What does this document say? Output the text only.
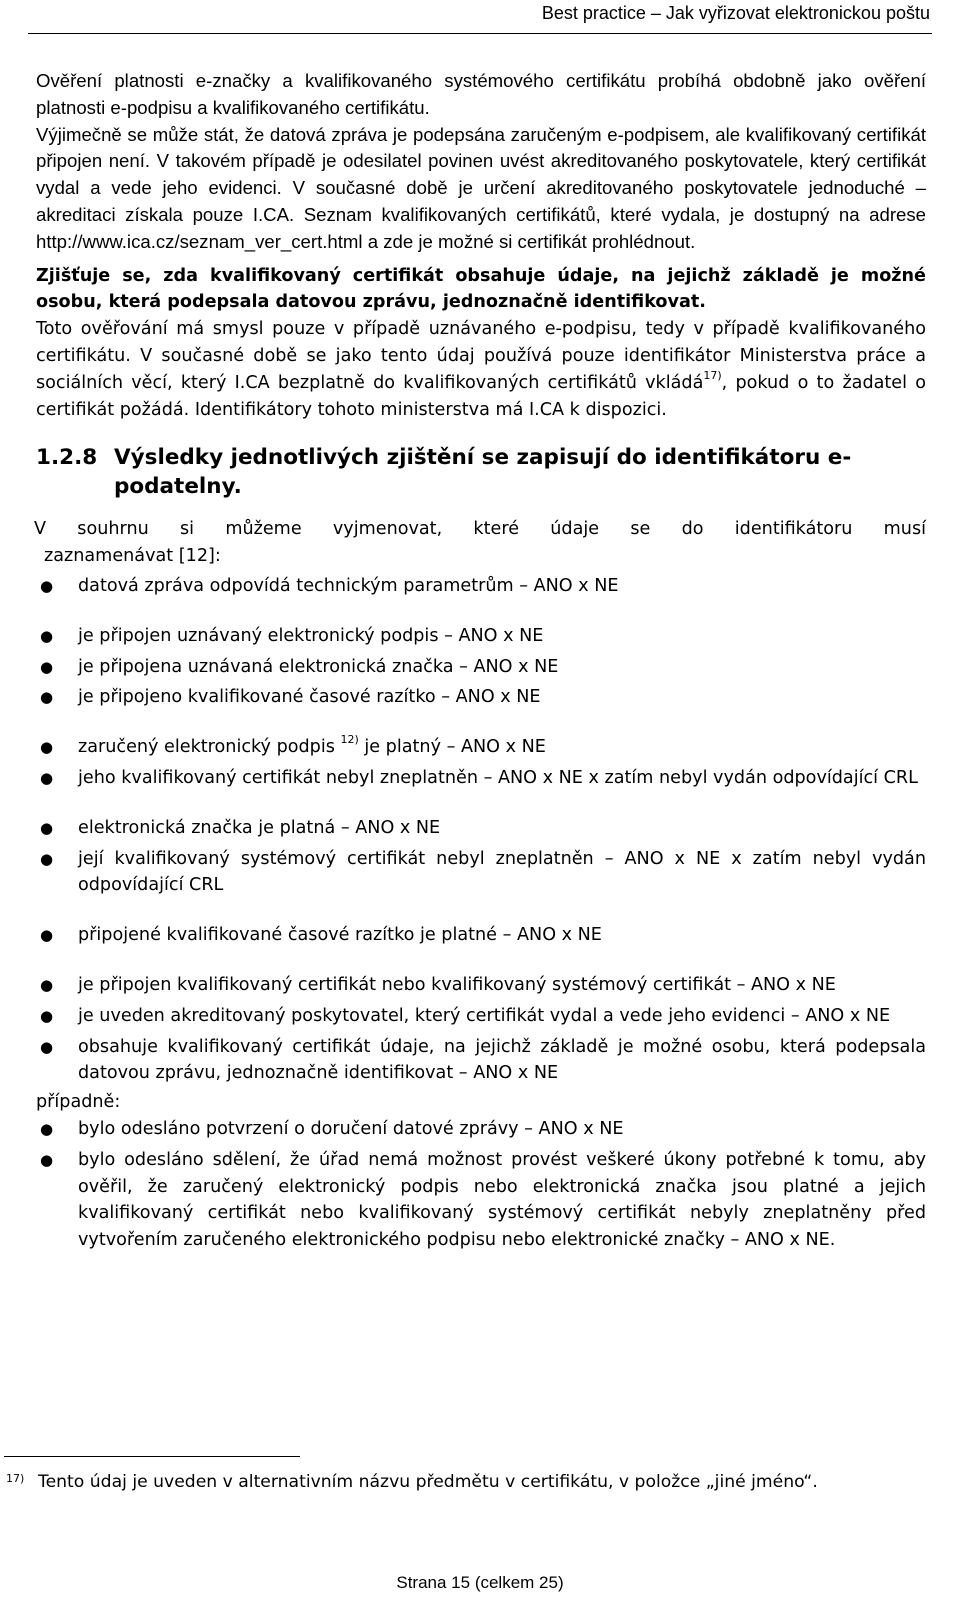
Best practice – Jak vyřizovat elektronickou poštu

Ověření platnosti e-značky a kvalifikovaného systémového certifikátu probíhá obdobně jako ověření platnosti e-podpisu a kvalifikovaného certifikátu.

Výjimečně se může stát, že datová zpráva je podepsána zaručeným e-podpisem, ale kvalifikovaný certifikát připojen není. V takovém případě je odesilatel povinen uvést akreditovaného poskytovatele, který certifikát vydal a vede jeho evidenci. V současné době je určení akreditovaného poskytovatele jednoduché – akreditaci získala pouze I.CA. Seznam kvalifikovaných certifikátů, které vydala, je dostupný na adrese http://www.ica.cz/seznam_ver_cert.html a zde je možné si certifikát prohlédnout.

Zjišťuje se, zda kvalifikovaný certifikát obsahuje údaje, na jejichž základě je možné osobu, která podepsala datovou zprávu, jednoznačně identifikovat.

Toto ověřování má smysl pouze v případě uznávaného e-podpisu, tedy v případě kvalifikovaného certifikátu. V současné době se jako tento údaj používá pouze identifikátor Ministerstva práce a sociálních věcí, který I.CA bezplatně do kvalifikovaných certifikátů vkládá$^{17)}$, pokud o to žadatel o certifikát požádá. Identifikátory tohoto ministerstva má I.CA k dispozici.

1.2.8 Výsledky jednotlivých zjištění se zapisují do identifikátoru e-podatelny.

V souhrnu si můžeme vyjmenovat, které údaje se do identifikátoru musí

zaznamenávat [12]:

● datová zpráva odpovídá technickým parametrům – ANO x NE
● je připojen uznávaný elektronický podpis – ANO x NE
● je připojena uznávaná elektronická značka – ANO x NE
● je připojeno kvalifikované časové razítko – ANO x NE
● zaručený elektronický podpis $^{12)}$ je platný – ANO x NE
● jeho kvalifikovaný certifikát nebyl zneplatněn – ANO x NE x zatím nebyl vydán odpovídající CRL
● elektronická značka je platná – ANO x NE
● její kvalifikovaný systémový certifikát nebyl zneplatněn – ANO x NE x zatím nebyl vydán odpovídající CRL
● připojené kvalifikované časové razítko je platné – ANO x NE
● je připojen kvalifikovaný certifikát nebo kvalifikovaný systémový certifikát – ANO x NE
● je uveden akreditovaný poskytovatel, který certifikát vydal a vede jeho evidenci – ANO x NE
● obsahuje kvalifikovaný certifikát údaje, na jejichž základě je možné osobu, která podepsala datovou zprávu, jednoznačně identifikovat – ANO x NE

případně:

● bylo odesláno potvrzení o doručení datové zprávy – ANO x NE
● bylo odesláno sdělení, že úřad nemá možnost provést veškeré úkony potřebné k tomu, aby ověřil, že zaručený elektronický podpis nebo elektronická značka jsou platné a jejich kvalifikovaný certifikát nebo kvalifikovaný systémový certifikát nebyly zneplatněny před vytvořením zaručeného elektronického podpisu nebo elektronické značky – ANO x NE.
17) Tento údaj je uveden v alternativním názvu předmětu v certifikátu, v položce „jiné jméno“.
Strana 15 (celkem 25)
